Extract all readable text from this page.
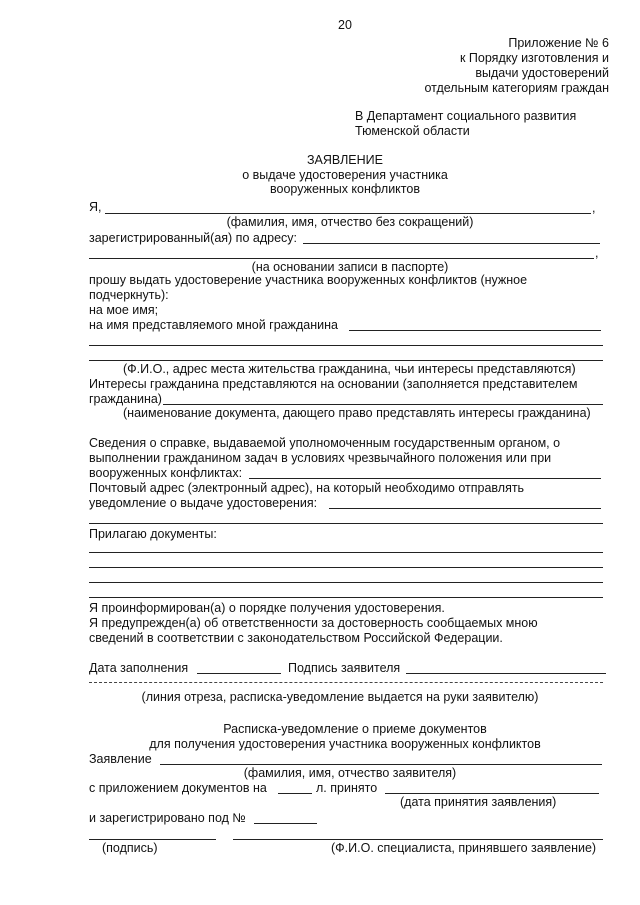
20
Приложение № 6
к Порядку изготовления и
выдачи удостоверений
отдельным категориям граждан
В Департамент социального развития
Тюменской области
ЗАЯВЛЕНИЕ
о выдаче удостоверения участника
вооруженных конфликтов
Я,	,
(фамилия, имя, отчество без сокращений)
зарегистрированный(ая) по адресу:
,
(на основании записи в паспорте)
прошу выдать удостоверение участника вооруженных конфликтов (нужное
подчеркнуть):
на мое имя;
на имя представляемого мной гражданина
(Ф.И.О., адрес места жительства гражданина, чьи интересы представляются)
Интересы гражданина представляются на основании (заполняется представителем
гражданина)
(наименование документа, дающего право представлять интересы гражданина)
Сведения о справке, выдаваемой уполномоченным государственным органом, о
выполнении гражданином задач в условиях чрезвычайного положения или при
вооруженных конфликтах:
Почтовый адрес (электронный адрес), на который необходимо отправлять
уведомление о выдаче удостоверения:
Прилагаю документы:
Я проинформирован(а) о порядке получения удостоверения.
Я предупрежден(а) об ответственности за достоверность сообщаемых мною
сведений в соответствии с законодательством Российской Федерации.
Дата заполнения	Подпись заявителя
(линия отреза, расписка-уведомление выдается на руки заявителю)
Расписка-уведомление о приеме документов
для получения удостоверения участника вооруженных конфликтов
Заявление
(фамилия, имя, отчество заявителя)
с приложением документов на	л. принято
(дата принятия заявления)
и зарегистрировано под №
(подпись)	(Ф.И.О. специалиста, принявшего заявление)
